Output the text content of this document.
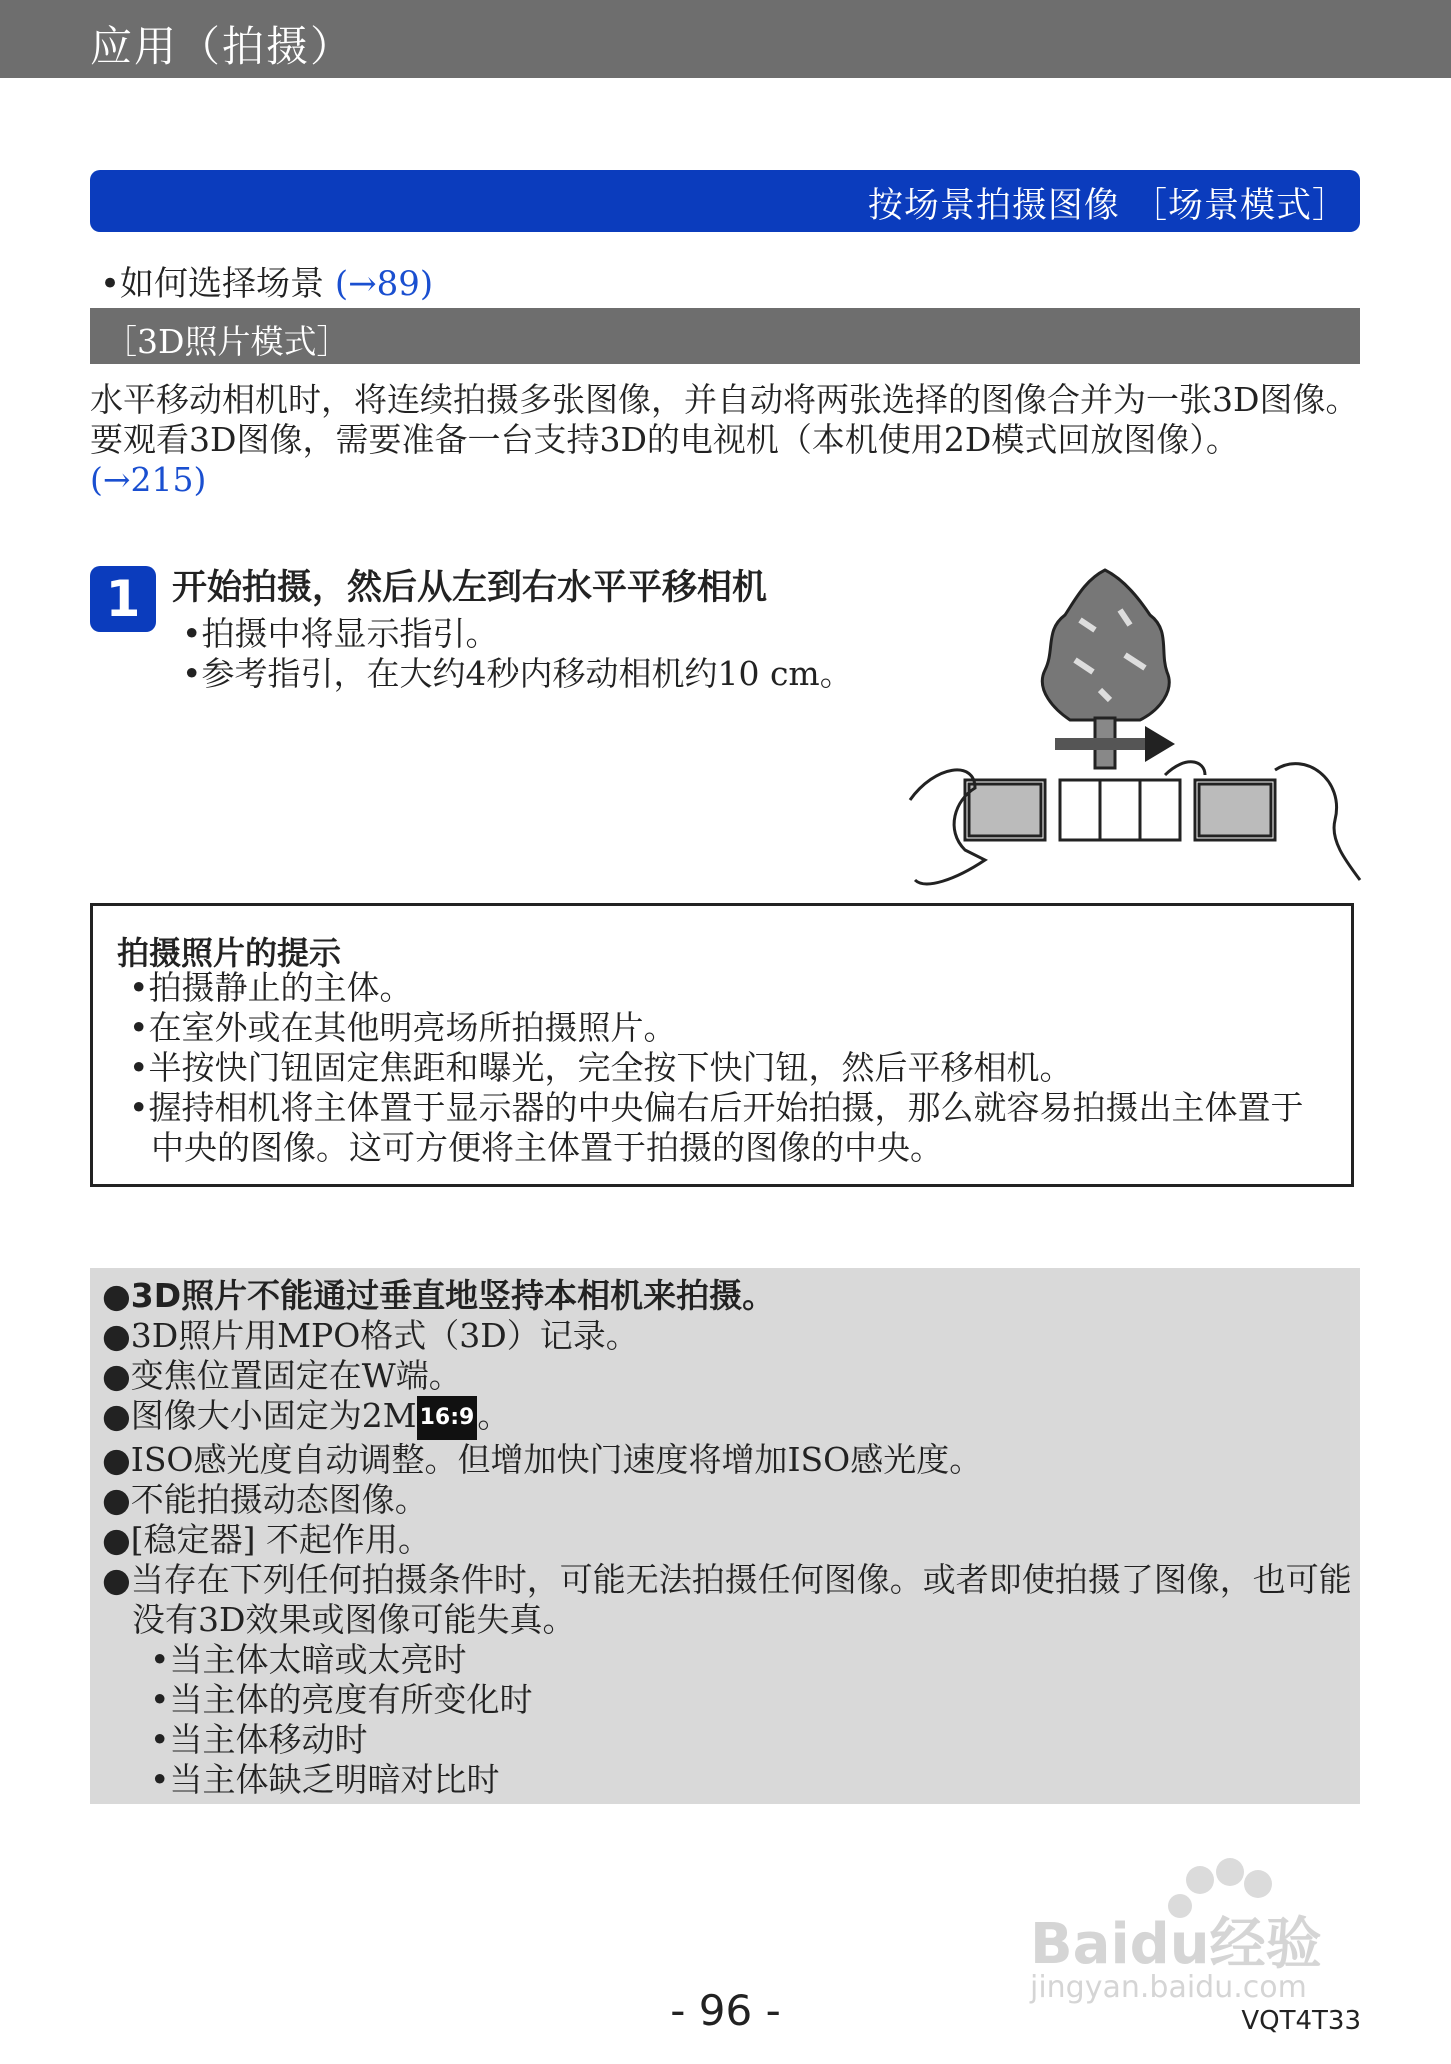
应用（拍摄）
按场景拍摄图像 ［场景模式］
•如何选择场景 (→89)
［3D照片模式］
水平移动相机时，将连续拍摄多张图像，并自动将两张选择的图像合并为一张3D图像。
要观看3D图像，需要准备一台支持3D的电视机（本机使用2D模式回放图像）。
(→215)
1 开始拍摄，然后从左到右水平平移相机
•拍摄中将显示指引。
•参考指引，在大约4秒内移动相机约10 cm。
拍摄照片的提示
•拍摄静止的主体。
•在室外或在其他明亮场所拍摄照片。
•半按快门钮固定焦距和曝光，完全按下快门钮，然后平移相机。
•握持相机将主体置于显示器的中央偏右后开始拍摄，那么就容易拍摄出主体置于中央的图像。这可方便将主体置于拍摄的图像的中央。
●3D照片不能通过垂直地竖持本相机来拍摄。
●3D照片用MPO格式（3D）记录。
●变焦位置固定在W端。
●图像大小固定为2M 16:9。
●ISO感光度自动调整。但增加快门速度将增加ISO感光度。
●不能拍摄动态图像。
●[稳定器] 不起作用。
●当存在下列任何拍摄条件时，可能无法拍摄任何图像。或者即使拍摄了图像，也可能没有3D效果或图像可能失真。
•当主体太暗或太亮时
•当主体的亮度有所变化时
•当主体移动时
•当主体缺乏明暗对比时
Baidu经验
jingyan.baidu.com
- 96 -	VQT4T33
